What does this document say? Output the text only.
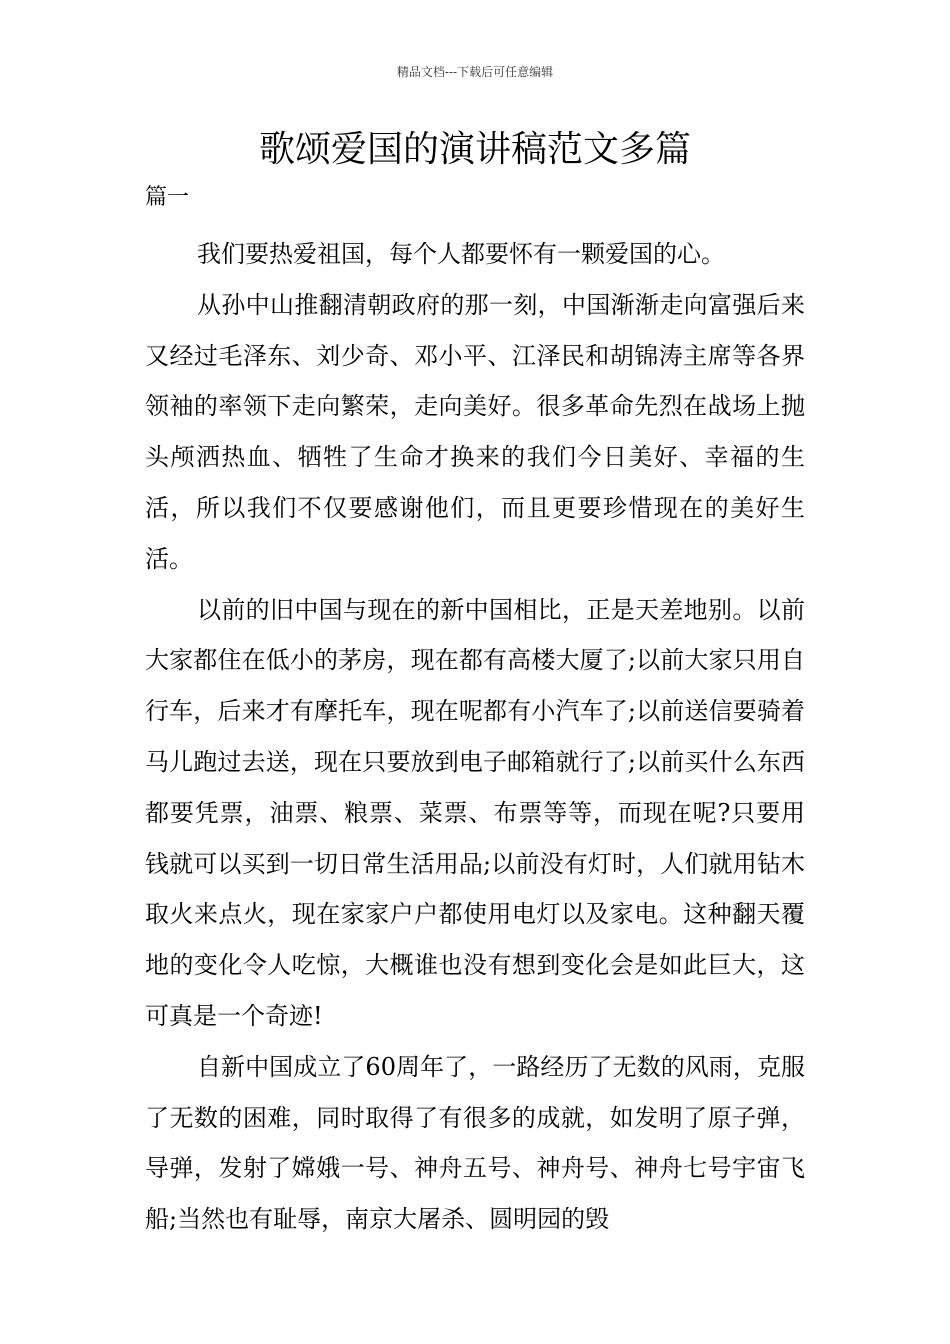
精品文档---下载后可任意编辑
歌颂爱国的演讲稿范文多篇
篇一

我们要热爱祖国，每个人都要怀有一颗爱国的心。

从孙中山推翻清朝政府的那一刻，中国渐渐走向富强后来又经过毛泽东、刘少奇、邓小平、江泽民和胡锦涛主席等各界领袖的率领下走向繁荣，走向美好。很多革命先烈在战场上抛头颅洒热血、牺牲了生命才换来的我们今日美好、幸福的生活，所以我们不仅要感谢他们，而且更要珍惜现在的美好生活。

以前的旧中国与现在的新中国相比，正是天差地别。以前大家都住在低小的茅房，现在都有高楼大厦了;以前大家只用自行车，后来才有摩托车，现在呢都有小汽车了;以前送信要骑着马儿跑过去送，现在只要放到电子邮箱就行了;以前买什么东西都要凭票，油票、粮票、菜票、布票等等，而现在呢?只要用钱就可以买到一切日常生活用品;以前没有灯时，人们就用钻木取火来点火，现在家家户户都使用电灯以及家电。这种翻天覆地的变化令人吃惊，大概谁也没有想到变化会是如此巨大，这可真是一个奇迹!

自新中国成立了60周年了，一路经历了无数的风雨，克服了无数的困难，同时取得了有很多的成就，如发明了原子弹，导弹，发射了嫦娥一号、神舟五号、神舟号、神舟七号宇宙飞船;当然也有耻辱，南京大屠杀、圆明园的毁
